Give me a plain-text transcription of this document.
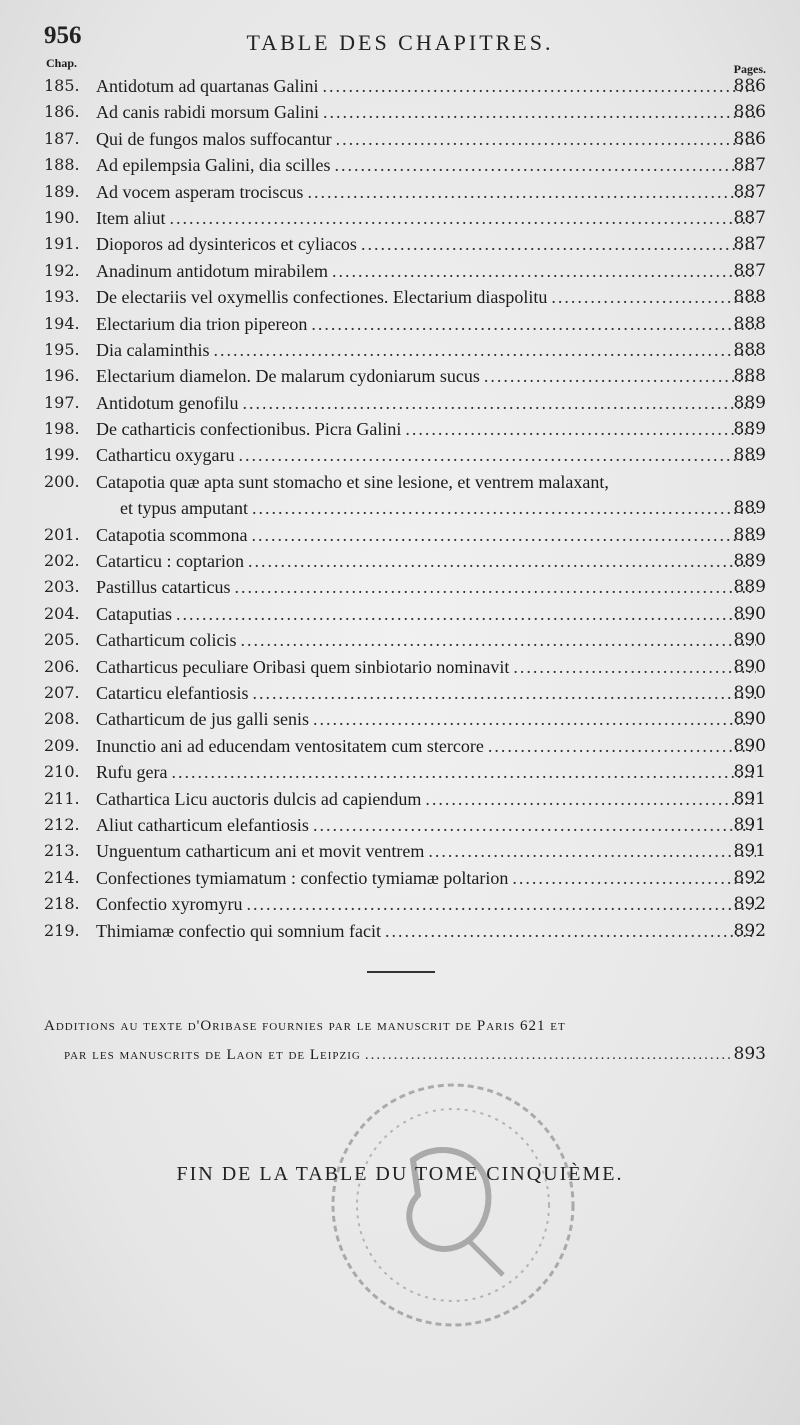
956	TABLE DES CHAPITRES.
Chap.	Pages.
185. Antidotum ad quartanas Galini .....	886
186. Ad canis rabidi morsum Galini .....	886
187. Qui de fungos malos suffocantur .....	886
188. Ad epilempsia Galini, dia scilles .....	887
189. Ad vocem asperam trociscus .....	887
190. Item aliut .....	887
191. Dioporos ad dysintericos et cyliacos .....	887
192. Anadinum antidotum mirabilem .....	887
193. De electariis vel oxymellis confectiones. Electarium diaspolitu .....	888
194. Electarium dia trion pipereon .....	888
195. Dia calaminthis .....	888
196. Electarium diamelon. De malarum cydoniarum sucus .....	888
197. Antidotum genofilu .....	889
198. De catharticis confectionibus. Picra Galini .....	889
199. Catharticu oxygaru .....	889
200. Catapotia quæ apta sunt stomacho et sine lesione, et ventrem malaxant,
et typus amputant .....	889
201. Catapotia scommona .....	889
202. Catarticu : coptarion .....	889
203. Pastillus catarticus .....	889
204. Cataputias .....	890
205. Catharticum colicis .....	890
206. Catharticus peculiare Oribasi quem sinbiotario nominavit .....	890
207. Catarticu elefantiosis .....	890
208. Catharticum de jus galli senis .....	890
209. Inunctio ani ad educendam ventositatem cum stercore .....	890
210. Rufu gera .....	891
211. Cathartica Licu auctoris dulcis ad capiendum .....	891
212. Aliut catharticum elefantiosis .....	891
213. Unguentum catharticum ani et movit ventrem .....	891
214. Confectiones tymiamatum : confectio tymiamæ poltarion .....	892
218. Confectio xyromyru .....	892
219. Thimiamæ confectio qui somnium facit .....	892
Additions au texte d'Oribase fournies par le manuscrit de Paris 621 et
par les manuscrits de Laon et de Leipzig .....	893
FIN DE LA TABLE DU TOME CINQUIÈME.
